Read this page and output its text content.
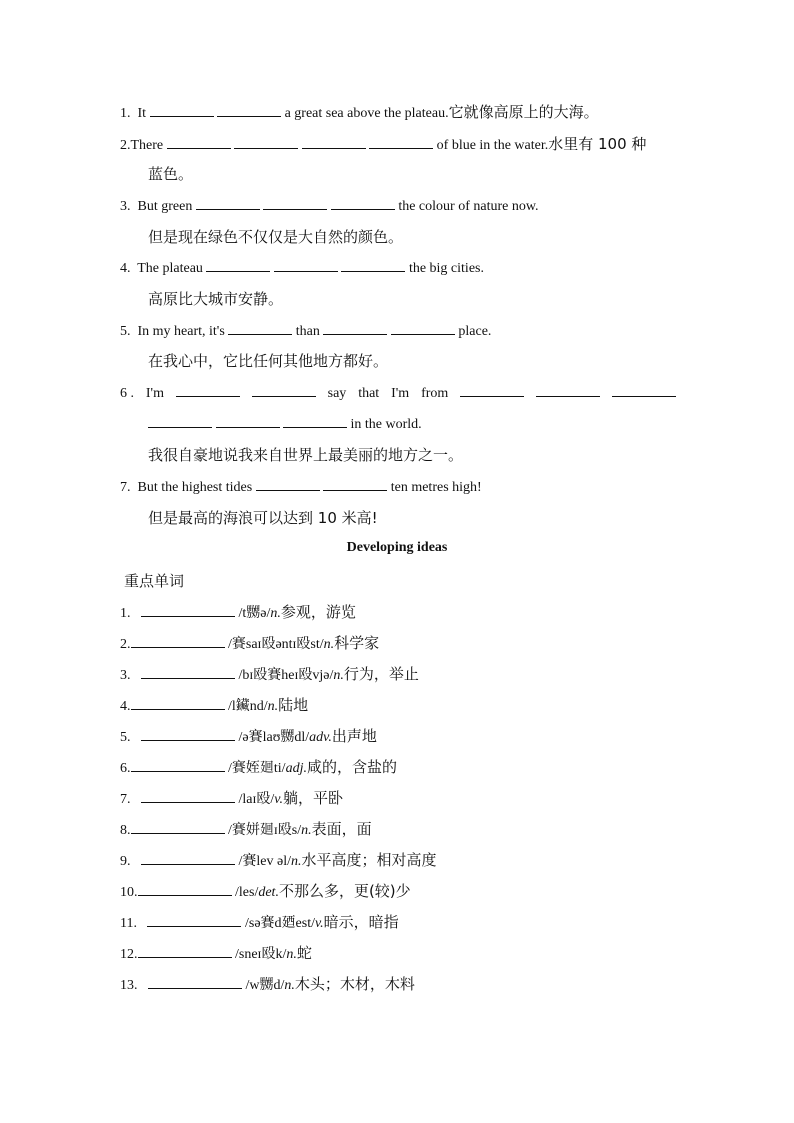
1. It	a great sea above the plateau.它就像高原上的大海。
2.There	of blue in the water.水里有 100 种
蓝色。
3. But green	the colour of nature now.
但是现在绿色不仅仅是大自然的颜色。
4. The plateau	the big cities.
高原比大城市安静。
5. In my heart, it's	than	place.
在我心中，它比任何其他地方都好。
6 . I'm	say that I'm from
in the world.
我很自豪地说我来自世界上最美丽的地方之一。
7. But the highest tides	ten metres high!
但是最高的海浪可以达到 10 米高!
Developing ideas
重点单词
1.	/t嬲ə/n.参观，游览
2.	/賽saɪ殴əntɪ殴st/n.科学家
3.	/bɪ殴賽heɪ殴vjə/n.行为，举止
4.	/l鑶nd/n.陆地
5.	/ə賽laʊ嬲dl/adv.出声地
6.	/賽姪廻ti/adj.咸的，含盐的
7.	/laɪ殴/v.躺，平卧
8.	/賽姘廻ɪ殴s/n.表面，面
9.	/賽lev əl/n.水平高度；相对高度
10.	/les/det.不那么多，更(较)少
11.	/sə賽d廼est/v.暗示，暗指
12.	/sneɪ殴k/n.蛇
13.	/w嬲d/n.木头；木材，木料
